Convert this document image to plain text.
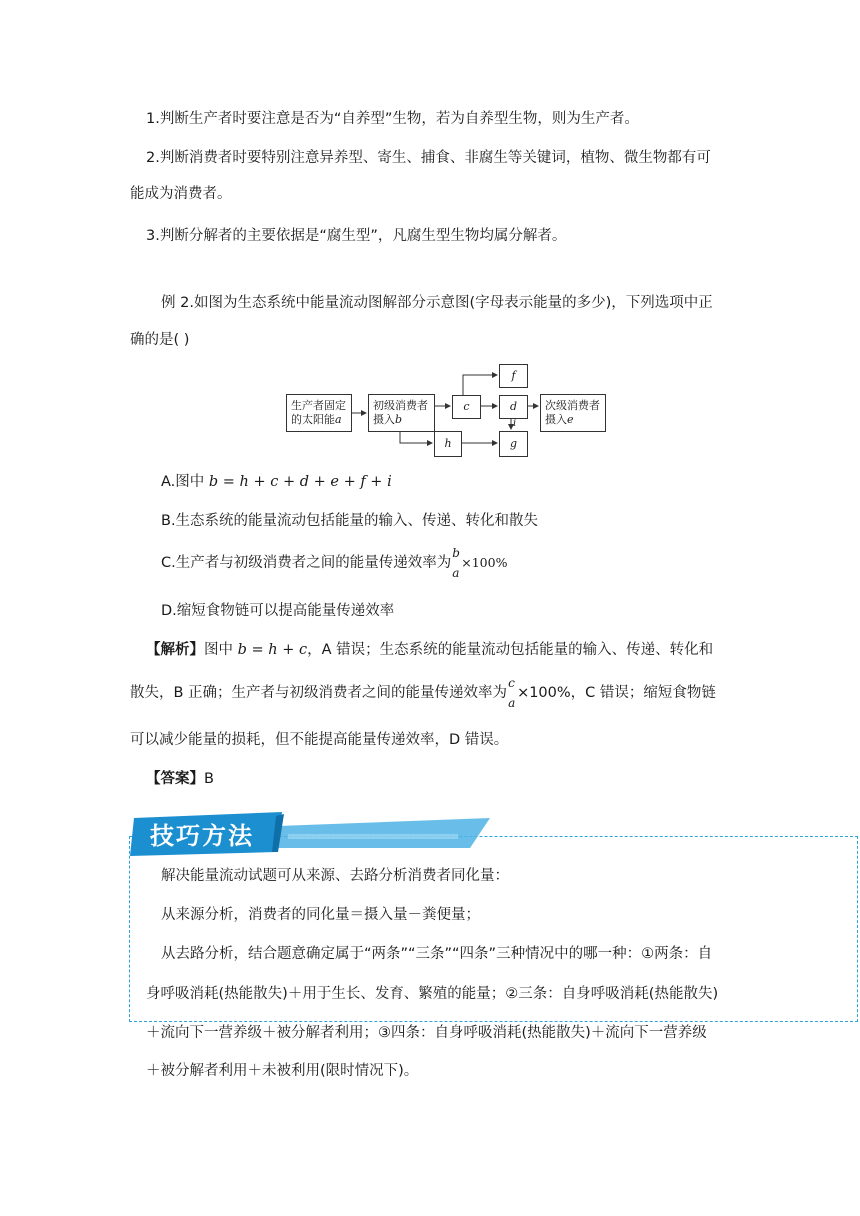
1.判断生产者时要注意是否为“自养型”生物，若为自养型生物，则为生产者。
2.判断消费者时要特别注意异养型、寄生、捕食、非腐生等关键词，植物、微生物都有可
能成为消费者。
3.判断分解者的主要依据是“腐生型”，凡腐生型生物均属分解者。
例 2.如图为生态系统中能量流动图解部分示意图(字母表示能量的多少)，下列选项中正
确的是( )
生产者固定
的太阳能a
初级消费者
摄入b
c	d
f
g
h
i
次级消费者
摄入e
A.图中 b = h + c + d + e + f + i
B.生态系统的能量流动包括能量的输入、传递、转化和散失
C.生产者与初级消费者之间的能量传递效率为
b
a
×100%
D.缩短食物链可以提高能量传递效率
【解析】图中 b = h + c，A 错误；生态系统的能量流动包括能量的输入、传递、转化和
散失，B 正确；生产者与初级消费者之间的能量传递效率为
c
a
×100%，C 错误；缩短食物链
可以减少能量的损耗，但不能提高能量传递效率，D 错误。
【答案】B
技巧方法
解决能量流动试题可从来源、去路分析消费者同化量：
从来源分析，消费者的同化量＝摄入量－粪便量；
从去路分析，结合题意确定属于“两条”“三条”“四条”三种情况中的哪一种：①两条：自
身呼吸消耗(热能散失)＋用于生长、发育、繁殖的能量；②三条：自身呼吸消耗(热能散失)
＋流向下一营养级＋被分解者利用；③四条：自身呼吸消耗(热能散失)＋流向下一营养级
＋被分解者利用＋未被利用(限时情况下)。
